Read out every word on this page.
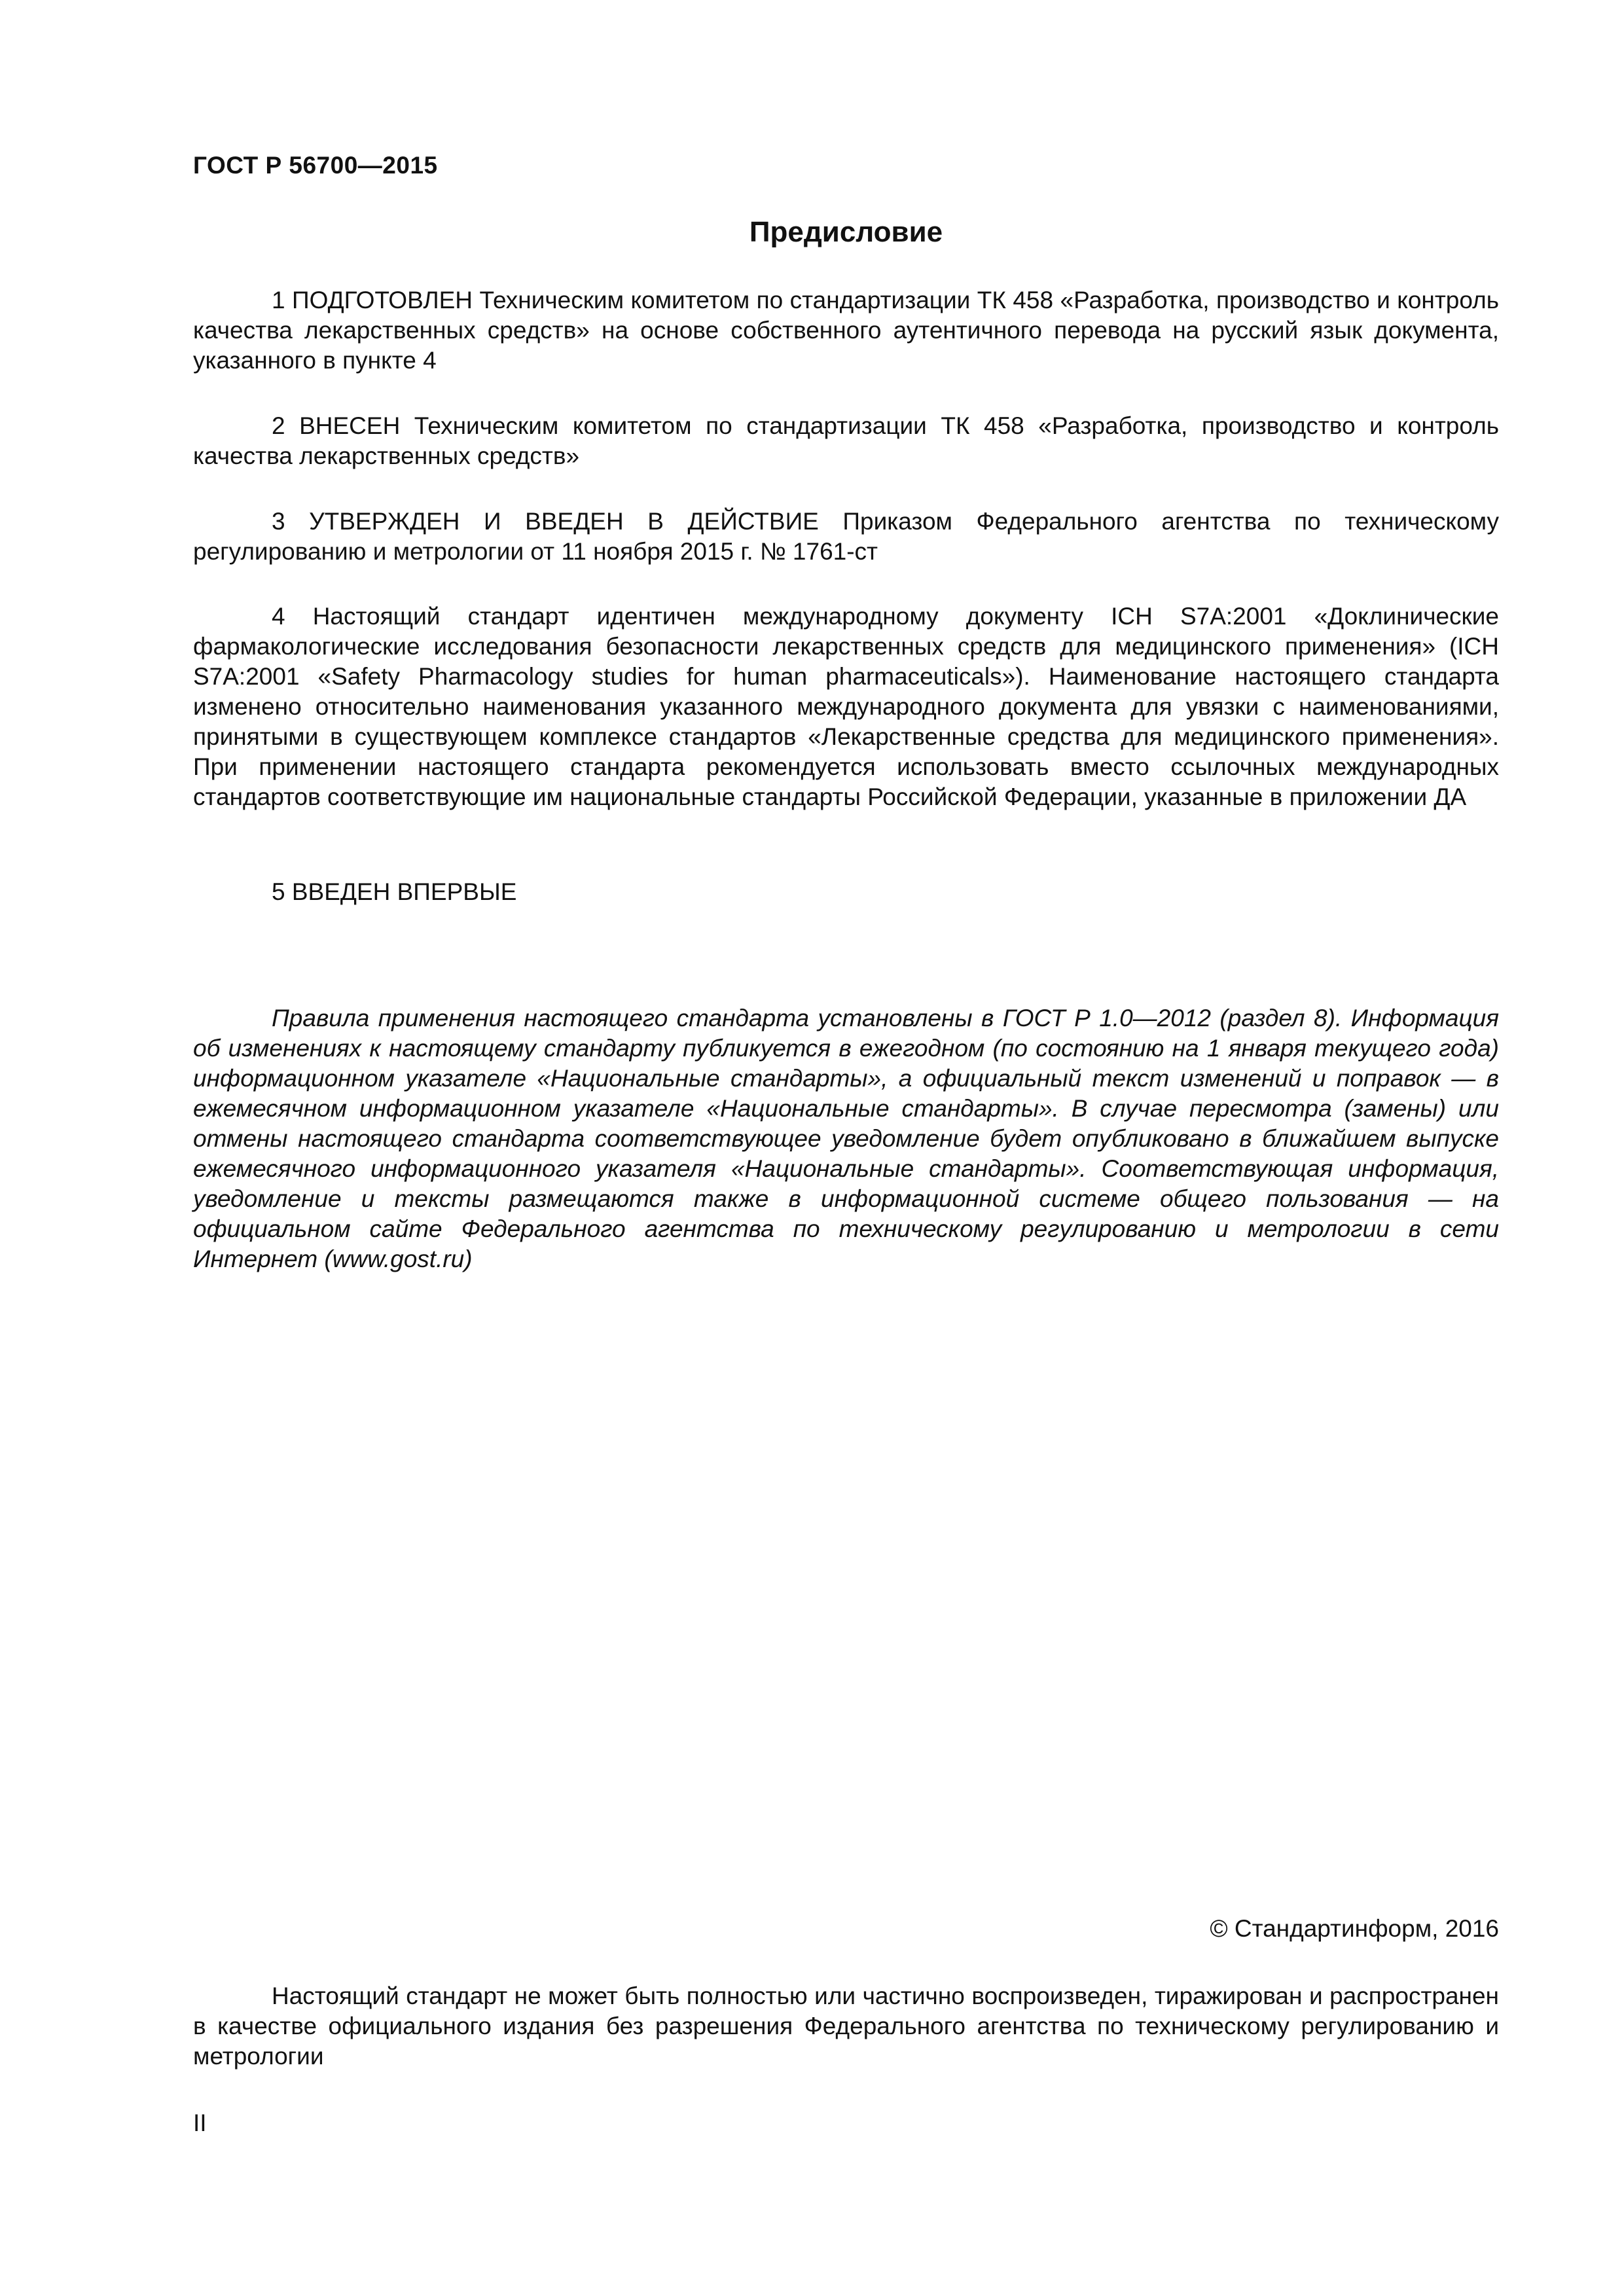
ГОСТ Р 56700—2015
Предисловие

1 ПОДГОТОВЛЕН Техническим комитетом по стандартизации ТК 458 «Разработка, производство и контроль качества лекарственных средств» на основе собственного аутентичного перевода на русский язык документа, указанного в пункте 4

2 ВНЕСЕН Техническим комитетом по стандартизации ТК 458 «Разработка, производство и контроль качества лекарственных средств»

3 УТВЕРЖДЕН И ВВЕДЕН В ДЕЙСТВИЕ Приказом Федерального агентства по техническому регулированию и метрологии от 11 ноября 2015 г. № 1761-ст

4 Настоящий стандарт идентичен международному документу ICH S7A:2001 «Доклинические фармакологические исследования безопасности лекарственных средств для медицинского применения» (ICH S7A:2001 «Safety Pharmacology studies for human pharmaceuticals»). Наименование настоящего стандарта изменено относительно наименования указанного международного документа для увязки с наименованиями, принятыми в существующем комплексе стандартов «Лекарственные средства для медицинского применения». При применении настоящего стандарта рекомендуется использовать вместо ссылочных международных стандартов соответствующие им национальные стандарты Российской Федерации, указанные в приложении ДА

5 ВВЕДЕН ВПЕРВЫЕ

Правила применения настоящего стандарта установлены в ГОСТ Р 1.0—2012 (раздел 8). Информация об изменениях к настоящему стандарту публикуется в ежегодном (по состоянию на 1 января текущего года) информационном указателе «Национальные стандарты», а официальный текст изменений и поправок — в ежемесячном информационном указателе «Национальные стандарты». В случае пересмотра (замены) или отмены настоящего стандарта соответствующее уведомление будет опубликовано в ближайшем выпуске ежемесячного информационного указателя «Национальные стандарты». Соответствующая информация, уведомление и тексты размещаются также в информационной системе общего пользования — на официальном сайте Федерального агентства по техническому регулированию и метрологии в сети Интернет (www.gost.ru)

© Стандартинформ, 2016

Настоящий стандарт не может быть полностью или частично воспроизведен, тиражирован и распространен в качестве официального издания без разрешения Федерального агентства по техническому регулированию и метрологии

II
